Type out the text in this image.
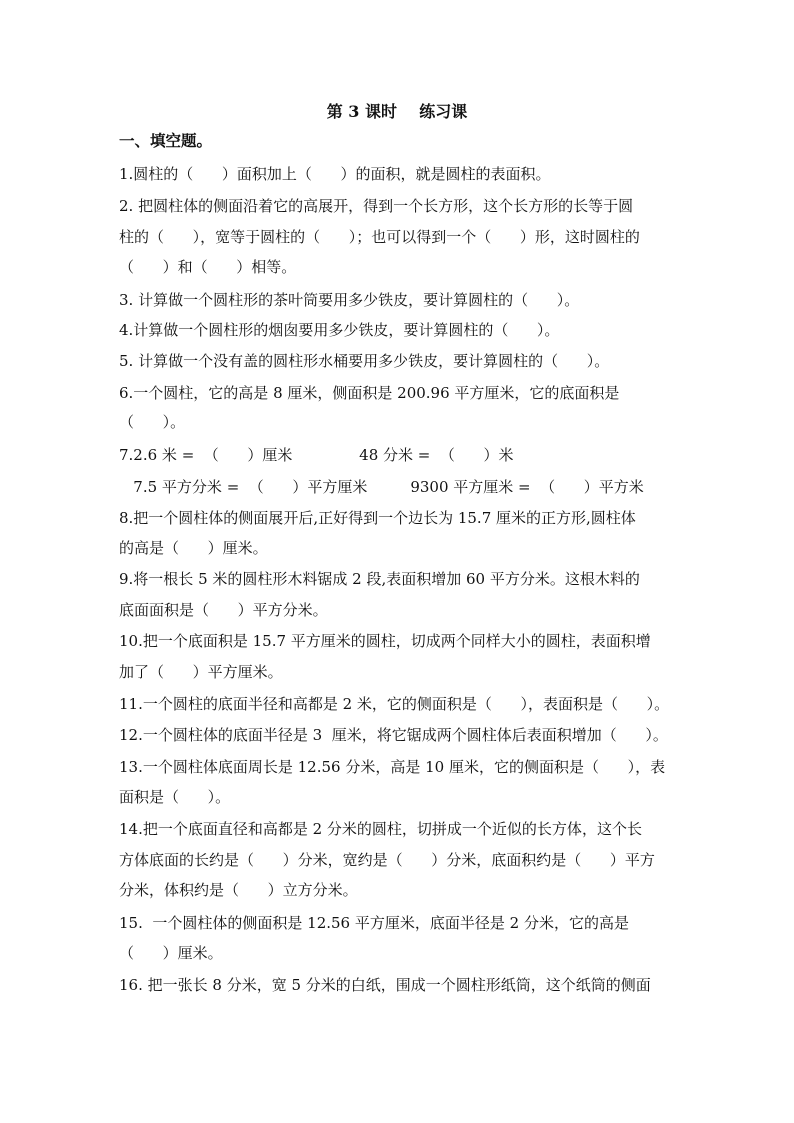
第 3 课时    练习课
一、填空题。
1.圆柱的（      ）面积加上（      ）的面积，就是圆柱的表面积。
2. 把圆柱体的侧面沿着它的高展开，得到一个长方形，这个长方形的长等于圆
柱的（      ），宽等于圆柱的（      ）；也可以得到一个（      ）形，这时圆柱的
（      ）和（      ）相等。
3. 计算做一个圆柱形的茶叶筒要用多少铁皮，要计算圆柱的（      ）。
4.计算做一个圆柱形的烟囱要用多少铁皮，要计算圆柱的（      ）。
5. 计算做一个没有盖的圆柱形水桶要用多少铁皮，要计算圆柱的（      ）。
6.一个圆柱，它的高是 8 厘米，侧面积是 200.96 平方厘米，它的底面积是
（      ）。
7.2.6 米 =  （      ）厘米              48 分米 =  （      ）米
7.5 平方分米 =  （      ）平方厘米         9300 平方厘米 =  （      ）平方米
8.把一个圆柱体的侧面展开后,正好得到一个边长为 15.7 厘米的正方形,圆柱体
的高是（      ）厘米。
9.将一根长 5 米的圆柱形木料锯成 2 段,表面积增加 60 平方分米。这根木料的
底面面积是（      ）平方分米。
10.把一个底面积是 15.7 平方厘米的圆柱，切成两个同样大小的圆柱，表面积增
加了（      ）平方厘米。
11.一个圆柱的底面半径和高都是 2 米，它的侧面积是（      ），表面积是（      ）。
12.一个圆柱体的底面半径是 3  厘米，将它锯成两个圆柱体后表面积增加（      ）。
13.一个圆柱体底面周长是 12.56 分米，高是 10 厘米，它的侧面积是（      ），表
面积是（      ）。
14.把一个底面直径和高都是 2 分米的圆柱，切拼成一个近似的长方体，这个长
方体底面的长约是（      ）分米，宽约是（      ）分米，底面积约是（      ）平方
分米，体积约是（      ）立方分米。
15.  一个圆柱体的侧面积是 12.56 平方厘米，底面半径是 2 分米，它的高是
（      ）厘米。
16. 把一张长 8 分米，宽 5 分米的白纸，围成一个圆柱形纸筒，这个纸筒的侧面
